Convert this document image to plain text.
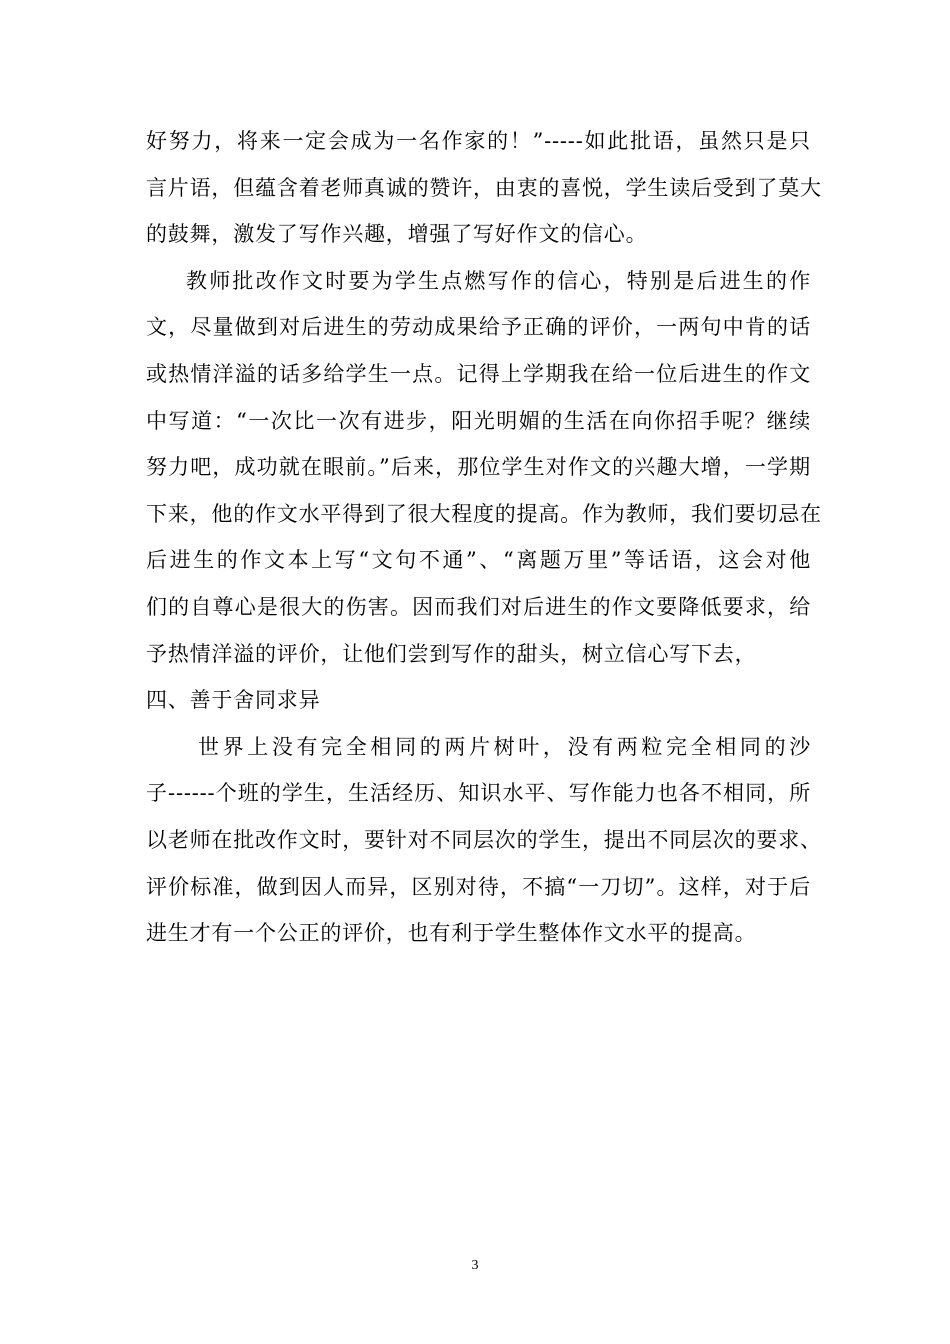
好努力，将来一定会成为一名作家的！”-----如此批语，虽然只是只
言片语，但蕴含着老师真诚的赞许，由衷的喜悦，学生读后受到了莫大
的鼓舞，激发了写作兴趣，增强了写好作文的信心。
教师批改作文时要为学生点燃写作的信心，特别是后进生的作
文，尽量做到对后进生的劳动成果给予正确的评价，一两句中肯的话
或热情洋溢的话多给学生一点。记得上学期我在给一位后进生的作文
中写道：“一次比一次有进步，阳光明媚的生活在向你招手呢？继续
努力吧，成功就在眼前。”后来，那位学生对作文的兴趣大增，一学期
下来，他的作文水平得到了很大程度的提高。作为教师，我们要切忌在
后进生的作文本上写“文句不通”、“离题万里”等话语，这会对他
们的自尊心是很大的伤害。因而我们对后进生的作文要降低要求，给
予热情洋溢的评价，让他们尝到写作的甜头，树立信心写下去，
四、善于舍同求异
世界上没有完全相同的两片树叶，没有两粒完全相同的沙
子------个班的学生，生活经历、知识水平、写作能力也各不相同，所
以老师在批改作文时，要针对不同层次的学生，提出不同层次的要求、
评价标准，做到因人而异，区别对待，不搞“一刀切”。这样，对于后
进生才有一个公正的评价，也有利于学生整体作文水平的提高。
3
